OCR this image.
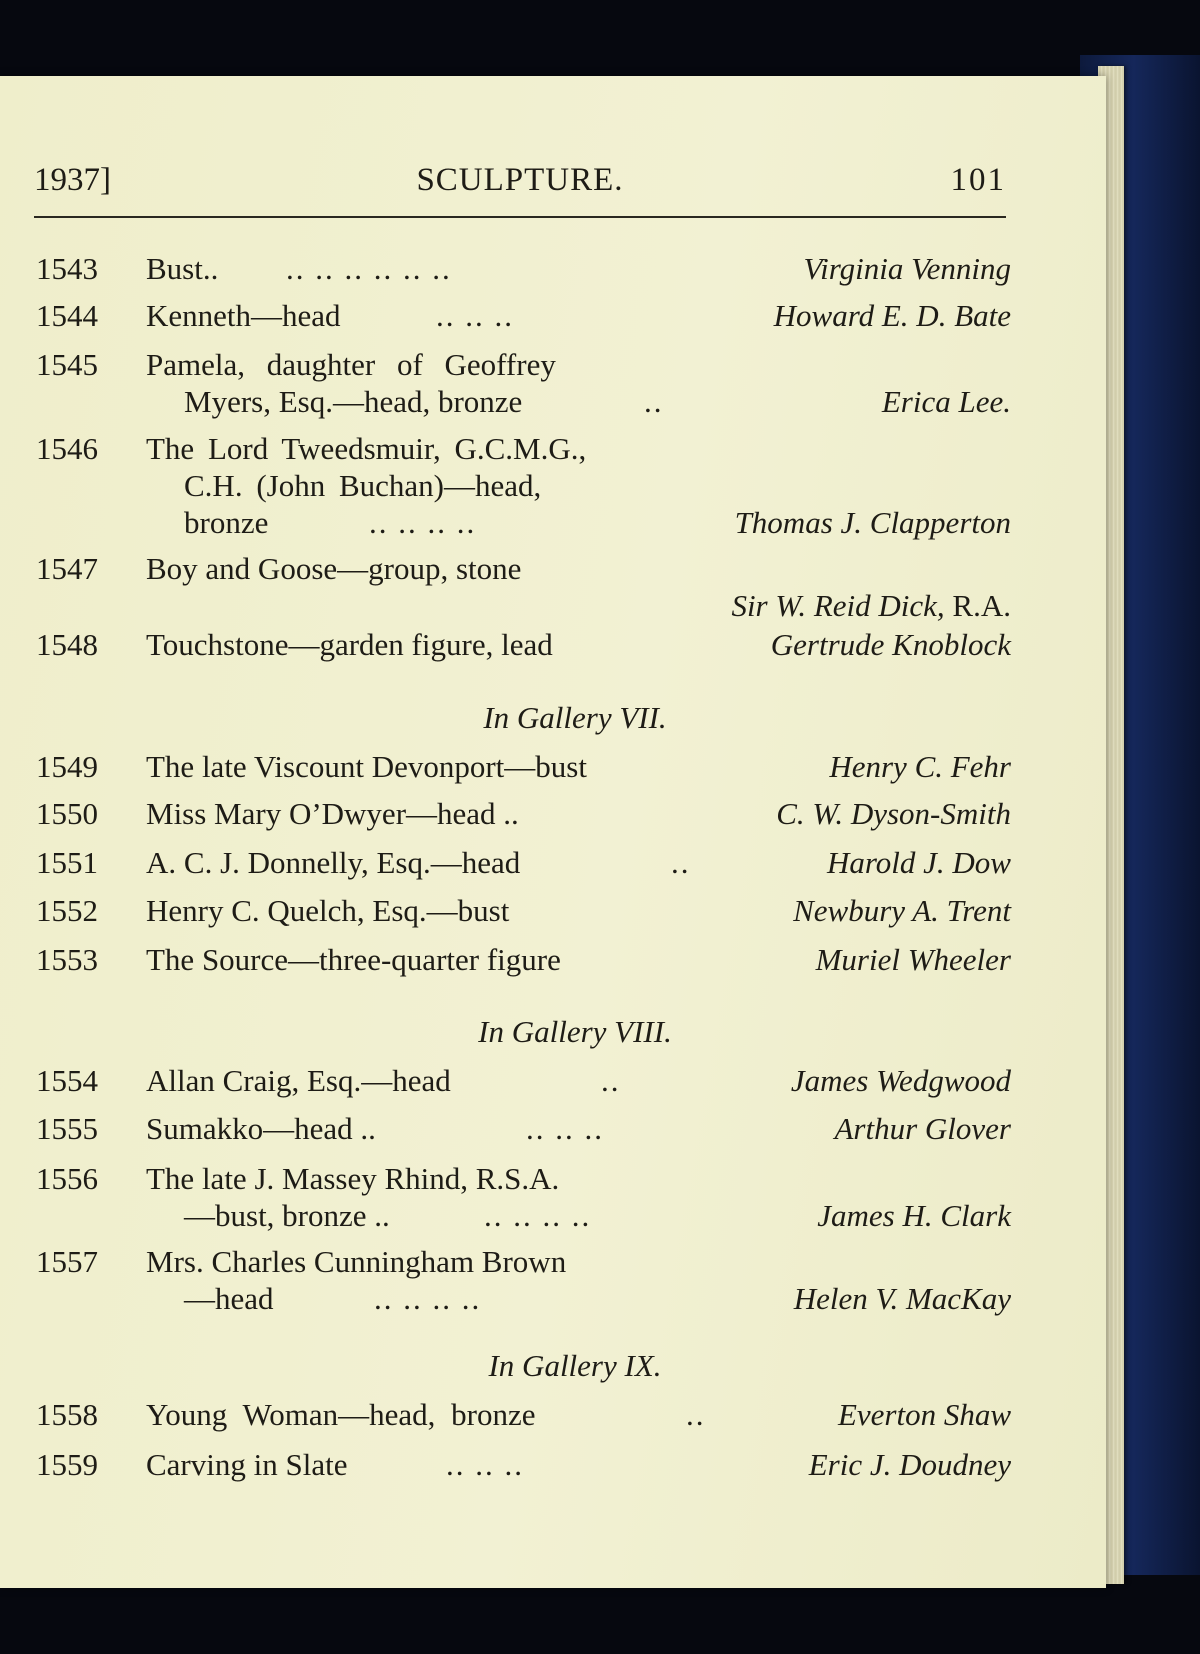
1937]	SCULPTURE.	101
1543 Bust.. .. .. .. .. .. ..	Virginia Venning
1544 Kenneth—head	.. .. ..	Howard E. D. Bate
1545 Pamela, daughter of Geoffrey
Myers, Esq.—head, bronze	..	Erica Lee.
1546 The Lord Tweedsmuir, G.C.M.G.,
C.H. (John Buchan)—head,
bronze	.. .. .. ..	Thomas J. Clapperton
1547 Boy and Goose—group, stone
Sir W. Reid Dick, R.A.
1548 Touchstone—garden figure, lead	Gertrude Knoblock
In Gallery VII.
1549 The late Viscount Devonport—bust	Henry C. Fehr
1550 Miss Mary O’Dwyer—head ..	C. W. Dyson-Smith
1551 A. C. J. Donnelly, Esq.—head	..	Harold J. Dow
1552 Henry C. Quelch, Esq.—bust	Newbury A. Trent
1553 The Source—three-quarter figure	Muriel Wheeler
In Gallery VIII.
1554 Allan Craig, Esq.—head	..	James Wedgwood
1555 Sumakko—head ..	.. .. ..	Arthur Glover
1556 The late J. Massey Rhind, R.S.A.
—bust, bronze ..	.. .. .. ..	James H. Clark
1557 Mrs. Charles Cunningham Brown
—head	.. .. .. ..	Helen V. MacKay
In Gallery IX.
1558 Young Woman—head, bronze	..	Everton Shaw
1559 Carving in Slate	.. .. ..	Eric J. Doudney
